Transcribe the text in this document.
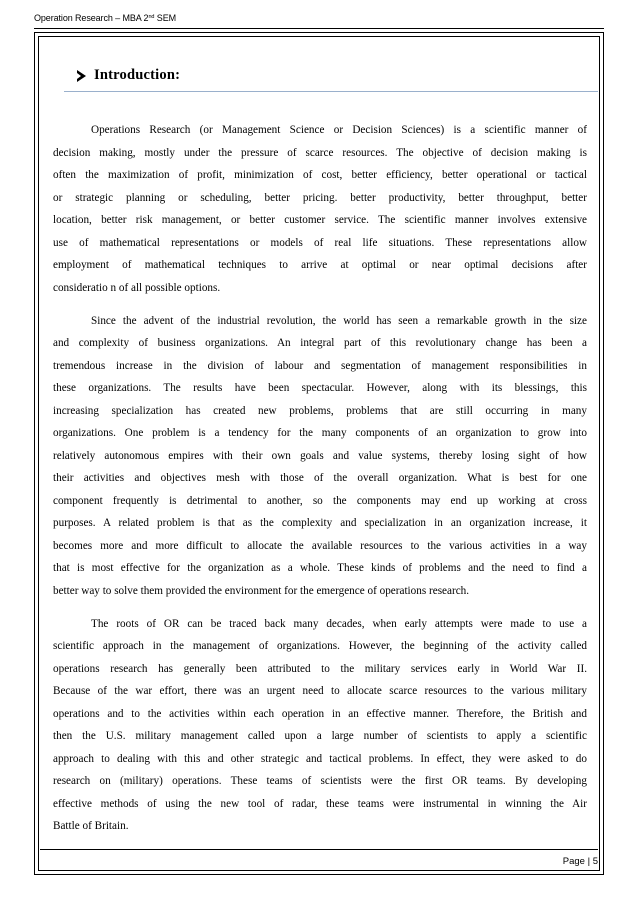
Operation Research – MBA 2nd SEM
Introduction:
Operations Research (or Management Science or Decision Sciences) is a scientific manner of
decision making, mostly under the pressure of scarce resources. The objective of decision making is
often the maximization of profit, minimization of cost, better efficiency, better operational or tactical
or strategic planning or scheduling, better pricing. better productivity, better throughput, better
location, better risk management, or better customer service. The scientific manner involves extensive
use of mathematical representations or models of real life situations. These representations allow
employment of mathematical techniques to arrive at optimal or near optimal decisions after
consideratio n of all possible options.
Since the advent of the industrial revolution, the world has seen a remarkable growth in the size
and complexity of business organizations. An integral part of this revolutionary change has been a
tremendous increase in the division of labour and segmentation of management responsibilities in
these organizations. The results have been spectacular. However, along with its blessings, this
increasing specialization has created new problems, problems that are still occurring in many
organizations. One problem is a tendency for the many components of an organization to grow into
relatively autonomous empires with their own goals and value systems, thereby losing sight of how
their activities and objectives mesh with those of the overall organization. What is best for one
component frequently is detrimental to another, so the components may end up working at cross
purposes. A related problem is that as the complexity and specialization in an organization increase, it
becomes more and more difficult to allocate the available resources to the various activities in a way
that is most effective for the organization as a whole. These kinds of problems and the need to find a
better way to solve them provided the environment for the emergence of operations research.
The roots of OR can be traced back many decades, when early attempts were made to use a
scientific approach in the management of organizations. However, the beginning of the activity called
operations research has generally been attributed to the military services early in World War II.
Because of the war effort, there was an urgent need to allocate scarce resources to the various military
operations and to the activities within each operation in an effective manner. Therefore, the British and
then the U.S. military management called upon a large number of scientists to apply a scientific
approach to dealing with this and other strategic and tactical problems. In effect, they were asked to do
research on (military) operations. These teams of scientists were the first OR teams. By developing
effective methods of using the new tool of radar, these teams were instrumental in winning the Air
Battle of Britain.
Page | 5
